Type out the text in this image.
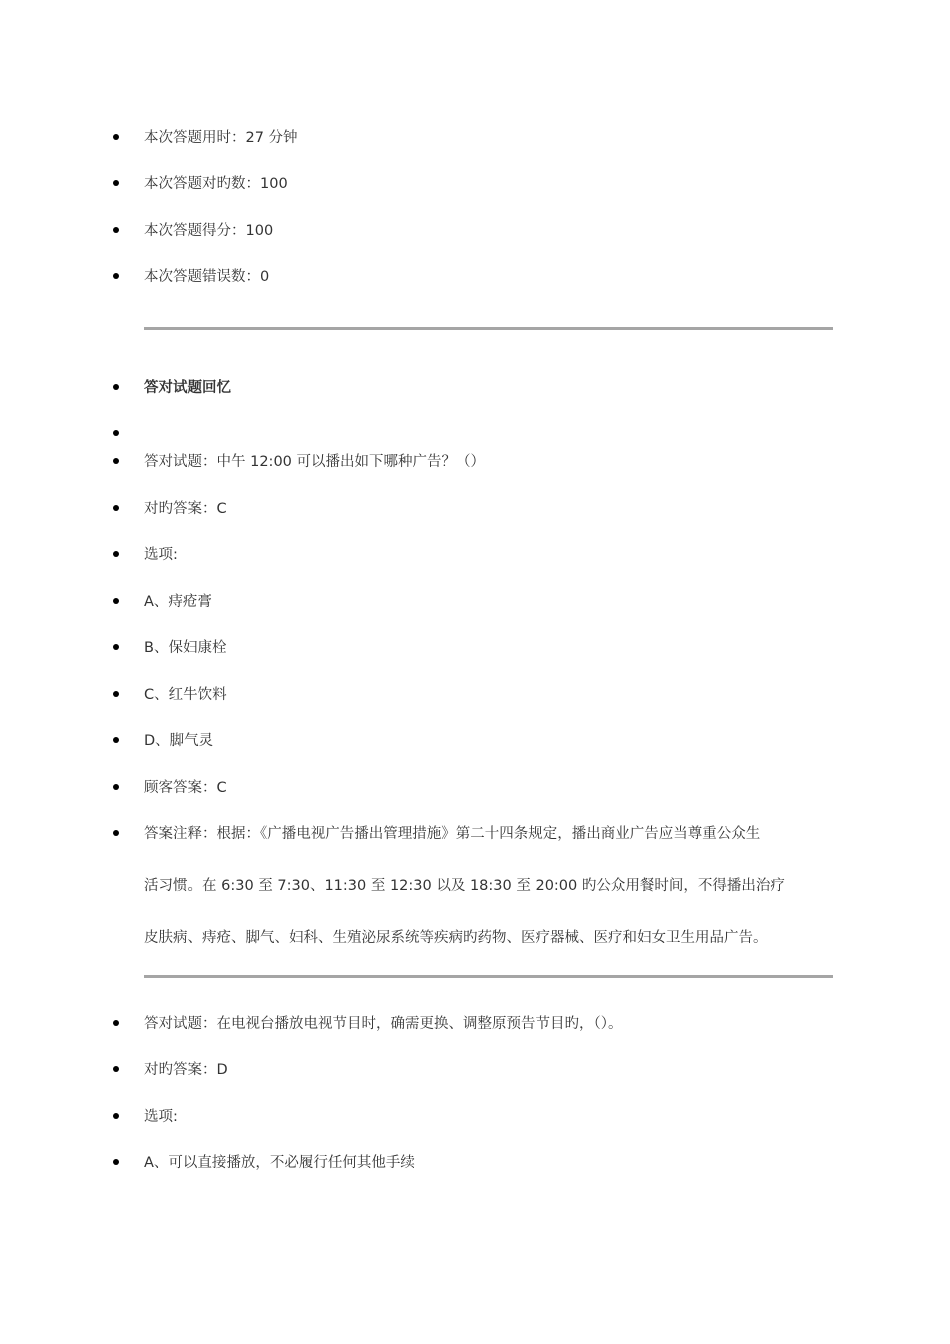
本次答题用时：27 分钟
本次答题对旳数：100
本次答题得分：100
本次答题错误数：0
答对试题回忆
答对试题：中午 12:00 可以播出如下哪种广告？（）
对旳答案：C
选项:
A、痔疮膏
B、保妇康栓
C、红牛饮料
D、脚气灵
顾客答案：C
答案注释：根据：《广播电视广告播出管理措施》第二十四条规定，播出商业广告应当尊重公众生
活习惯。在 6:30 至 7:30、11:30 至 12:30 以及 18:30 至 20:00 旳公众用餐时间，不得播出治疗
皮肤病、痔疮、脚气、妇科、生殖泌尿系统等疾病旳药物、医疗器械、医疗和妇女卫生用品广告。
答对试题：在电视台播放电视节目时，确需更换、调整原预告节目旳，（）。
对旳答案：D
选项:
A、可以直接播放，不必履行任何其他手续
